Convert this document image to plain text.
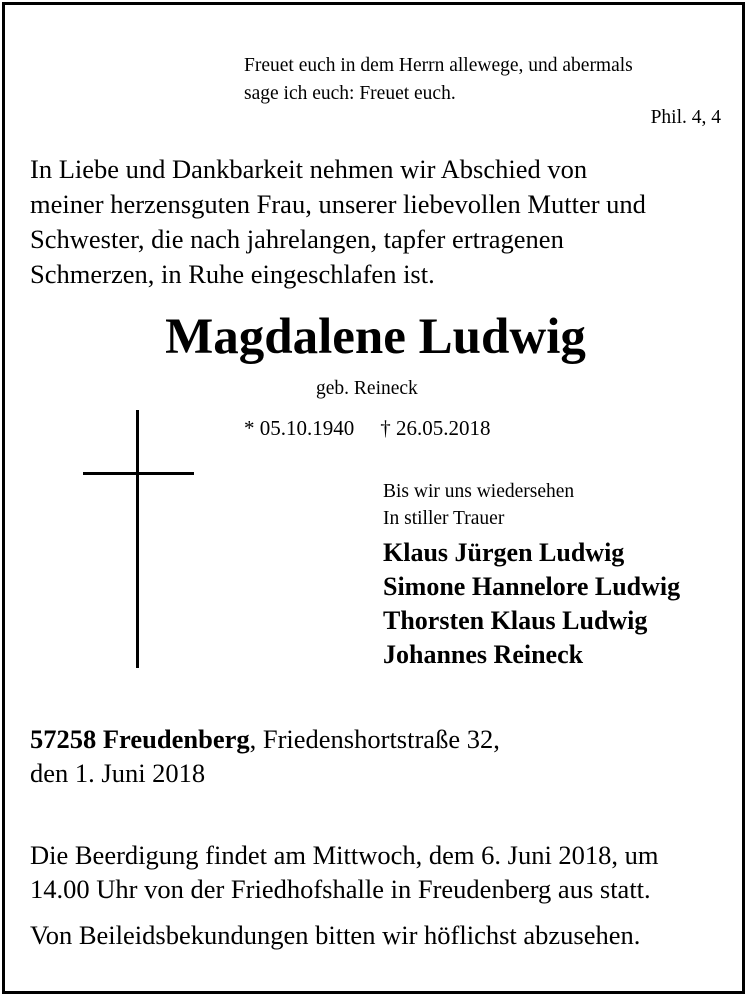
Freuet euch in dem Herrn allewege, und abermals
sage ich euch: Freuet euch.
Phil. 4, 4
In Liebe und Dankbarkeit nehmen wir Abschied von
meiner herzensguten Frau, unserer liebevollen Mutter und
Schwester, die nach jahrelangen, tapfer ertragenen
Schmerzen, in Ruhe eingeschlafen ist.
Magdalene Ludwig
geb. Reineck
* 05.10.1940 † 26.05.2018
Bis wir uns wiedersehen
In stiller Trauer
Klaus Jürgen Ludwig
Simone Hannelore Ludwig
Thorsten Klaus Ludwig
Johannes Reineck
57258 Freudenberg, Friedenshortstraße 32,
den 1. Juni 2018
Die Beerdigung findet am Mittwoch, dem 6. Juni 2018, um
14.00 Uhr von der Friedhofshalle in Freudenberg aus statt.
Von Beileidsbekundungen bitten wir höflichst abzusehen.
